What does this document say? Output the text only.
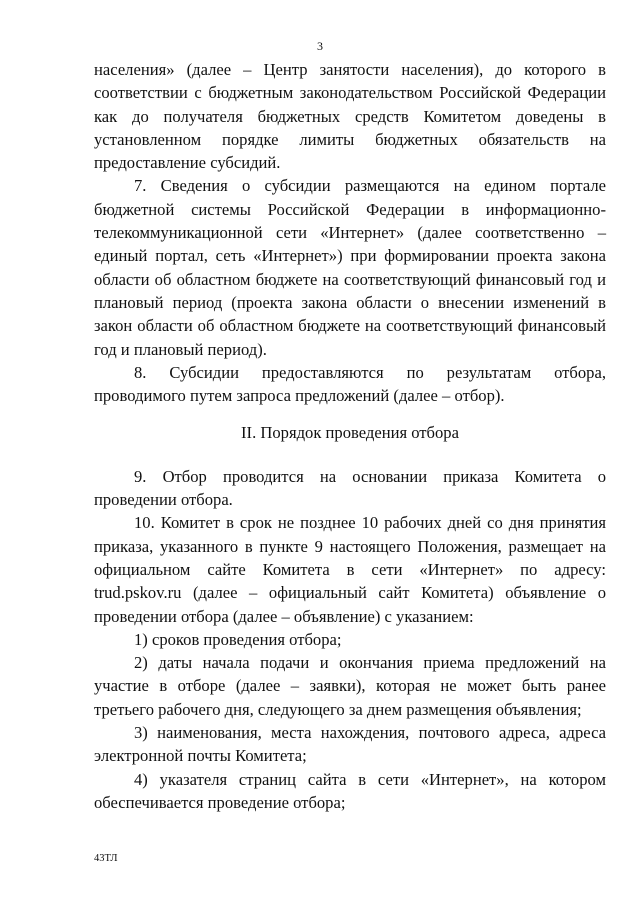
3

населения» (далее – Центр занятости населения), до которого в соответствии с бюджетным законодательством Российской Федерации как до получателя бюджетных средств Комитетом доведены в установленном порядке лимиты бюджетных обязательств на предоставление субсидий.

7. Сведения о субсидии размещаются на едином портале бюджетной системы Российской Федерации в информационно-телекоммуникационной сети «Интернет» (далее соответственно – единый портал, сеть «Интернет») при формировании проекта закона области об областном бюджете на соответствующий финансовый год и плановый период (проекта закона области о внесении изменений в закон области об областном бюджете на соответствующий финансовый год и плановый период).

8. Субсидии предоставляются по результатам отбора, проводимого путем запроса предложений (далее – отбор).

II. Порядок проведения отбора

9. Отбор проводится на основании приказа Комитета о проведении отбора.

10. Комитет в срок не позднее 10 рабочих дней со дня принятия приказа, указанного в пункте 9 настоящего Положения, размещает на официальном сайте Комитета в сети «Интернет» по адресу: trud.pskov.ru (далее – официальный сайт Комитета) объявление о проведении отбора (далее – объявление) с указанием:

1) сроков проведения отбора;

2) даты начала подачи и окончания приема предложений на участие в отборе (далее – заявки), которая не может быть ранее третьего рабочего дня, следующего за днем размещения объявления;

3) наименования, места нахождения, почтового адреса, адреса электронной почты Комитета;

4) указателя страниц сайта в сети «Интернет», на котором обеспечивается проведение отбора;

43ТЛ
